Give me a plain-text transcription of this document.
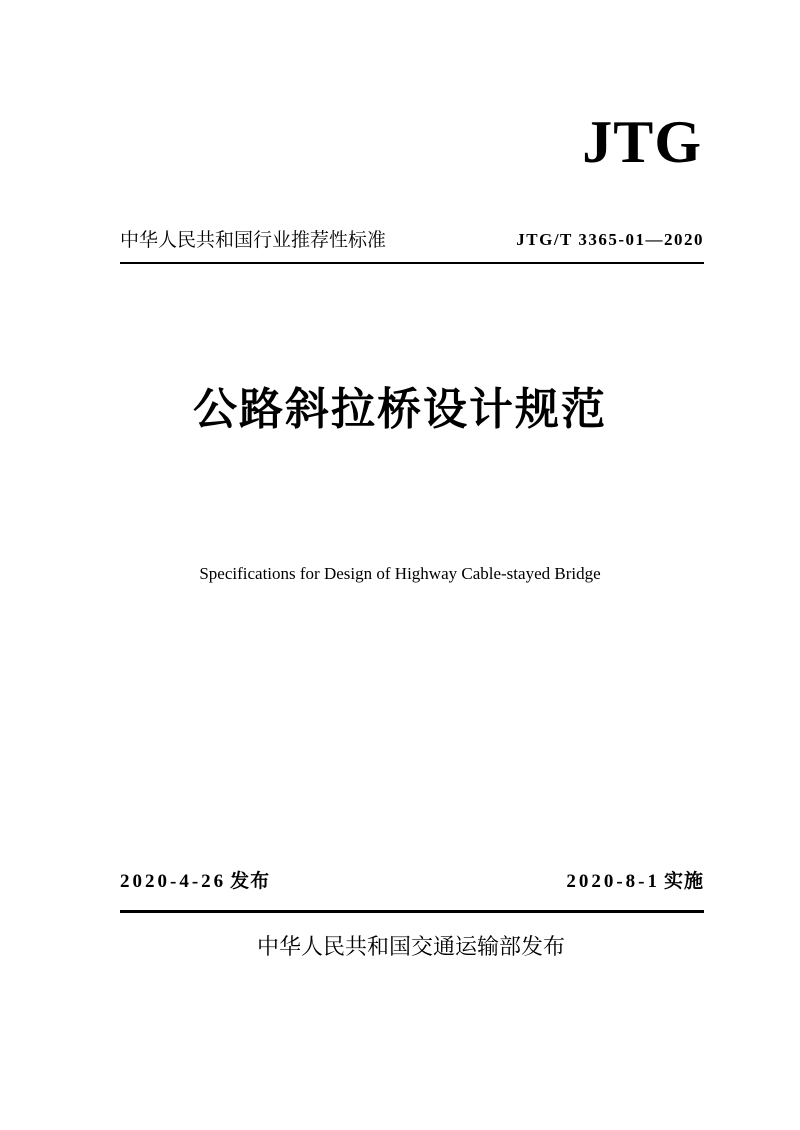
JTG
中华人民共和国行业推荐性标准	JTG/T 3365-01—2020
公路斜拉桥设计规范
Specifications for Design of Highway Cable-stayed Bridge
2020-4-26 发布	2020-8-1 实施
中华人民共和国交通运输部发布
